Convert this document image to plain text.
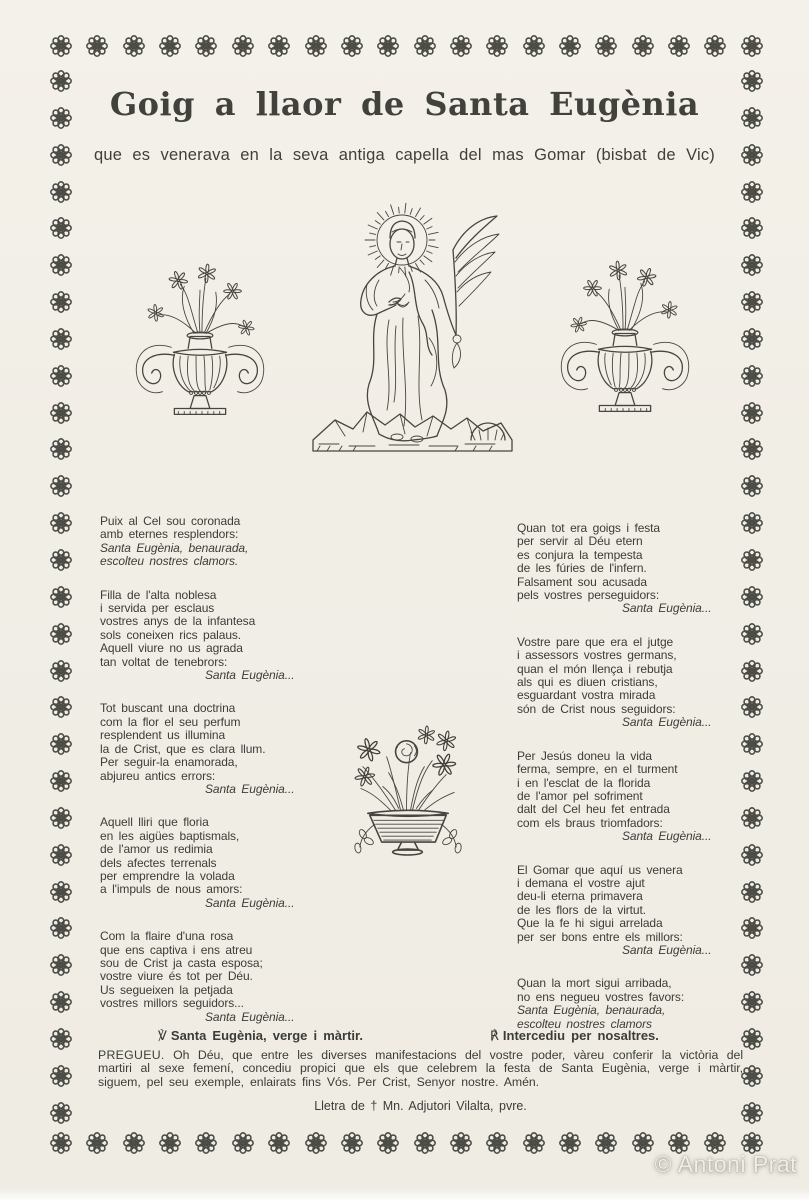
Goig a llaor de Santa Eugènia
que es venerava en la seva antiga capella del mas Gomar (bisbat de Vic)
Puix al Cel sou coronada
amb eternes resplendors:
Santa Eugènia, benaurada,
escolteu nostres clamors.
Filla de l'alta noblesa
i servida per esclaus
vostres anys de la infantesa
sols coneixen rics palaus.
Aquell viure no us agrada
tan voltat de tenebrors:
Santa Eugènia...
Tot buscant una doctrina
com la flor el seu perfum
resplendent us illumina
la de Crist, que es clara llum.
Per seguir-la enamorada,
abjureu antics errors:
Santa Eugènia...
Aquell lliri que floria
en les aigües baptismals,
de l'amor us redimia
dels afectes terrenals
per emprendre la volada
a l'impuls de nous amors:
Santa Eugènia...
Com la flaire d'una rosa
que ens captiva i ens atreu
sou de Crist ja casta esposa;
vostre viure és tot per Déu.
Us segueixen la petjada
vostres millors seguidors...
Santa Eugènia...
Quan tot era goigs i festa
per servir al Déu etern
es conjura la tempesta
de les fúries de l'infern.
Falsament sou acusada
pels vostres perseguidors:
Santa Eugènia...
Vostre pare que era el jutge
i assessors vostres germans,
quan el món llença i rebutja
als qui es diuen cristians,
esguardant vostra mirada
són de Crist nous seguidors:
Santa Eugènia...
Per Jesús doneu la vida
ferma, sempre, en el turment
i en l'esclat de la florida
de l'amor pel sofriment
dalt del Cel heu fet entrada
com els braus triomfadors:
Santa Eugènia...
El Gomar que aquí us venera
i demana el vostre ajut
deu-li eterna primavera
de les flors de la virtut.
Que la fe hi sigui arrelada
per ser bons entre els millors:
Santa Eugènia...
Quan la mort sigui arribada,
no ens negueu vostres favors:
Santa Eugènia, benaurada,
escolteu nostres clamors
℣ Santa Eugènia, verge i màrtir.	℟ Intercediu per nosaltres.
PREGUEU. Oh Déu, que entre les diverses manifestacions del vostre poder, vàreu conferir la victòria del martiri al sexe femení, concediu propici que els que celebrem la festa de Santa Eugènia, verge i màrtir, siguem, pel seu exemple, enlairats fins Vós. Per Crist, Senyor nostre. Amén.
Lletra de † Mn. Adjutori Vilalta, pvre.
© Antoni Prat
